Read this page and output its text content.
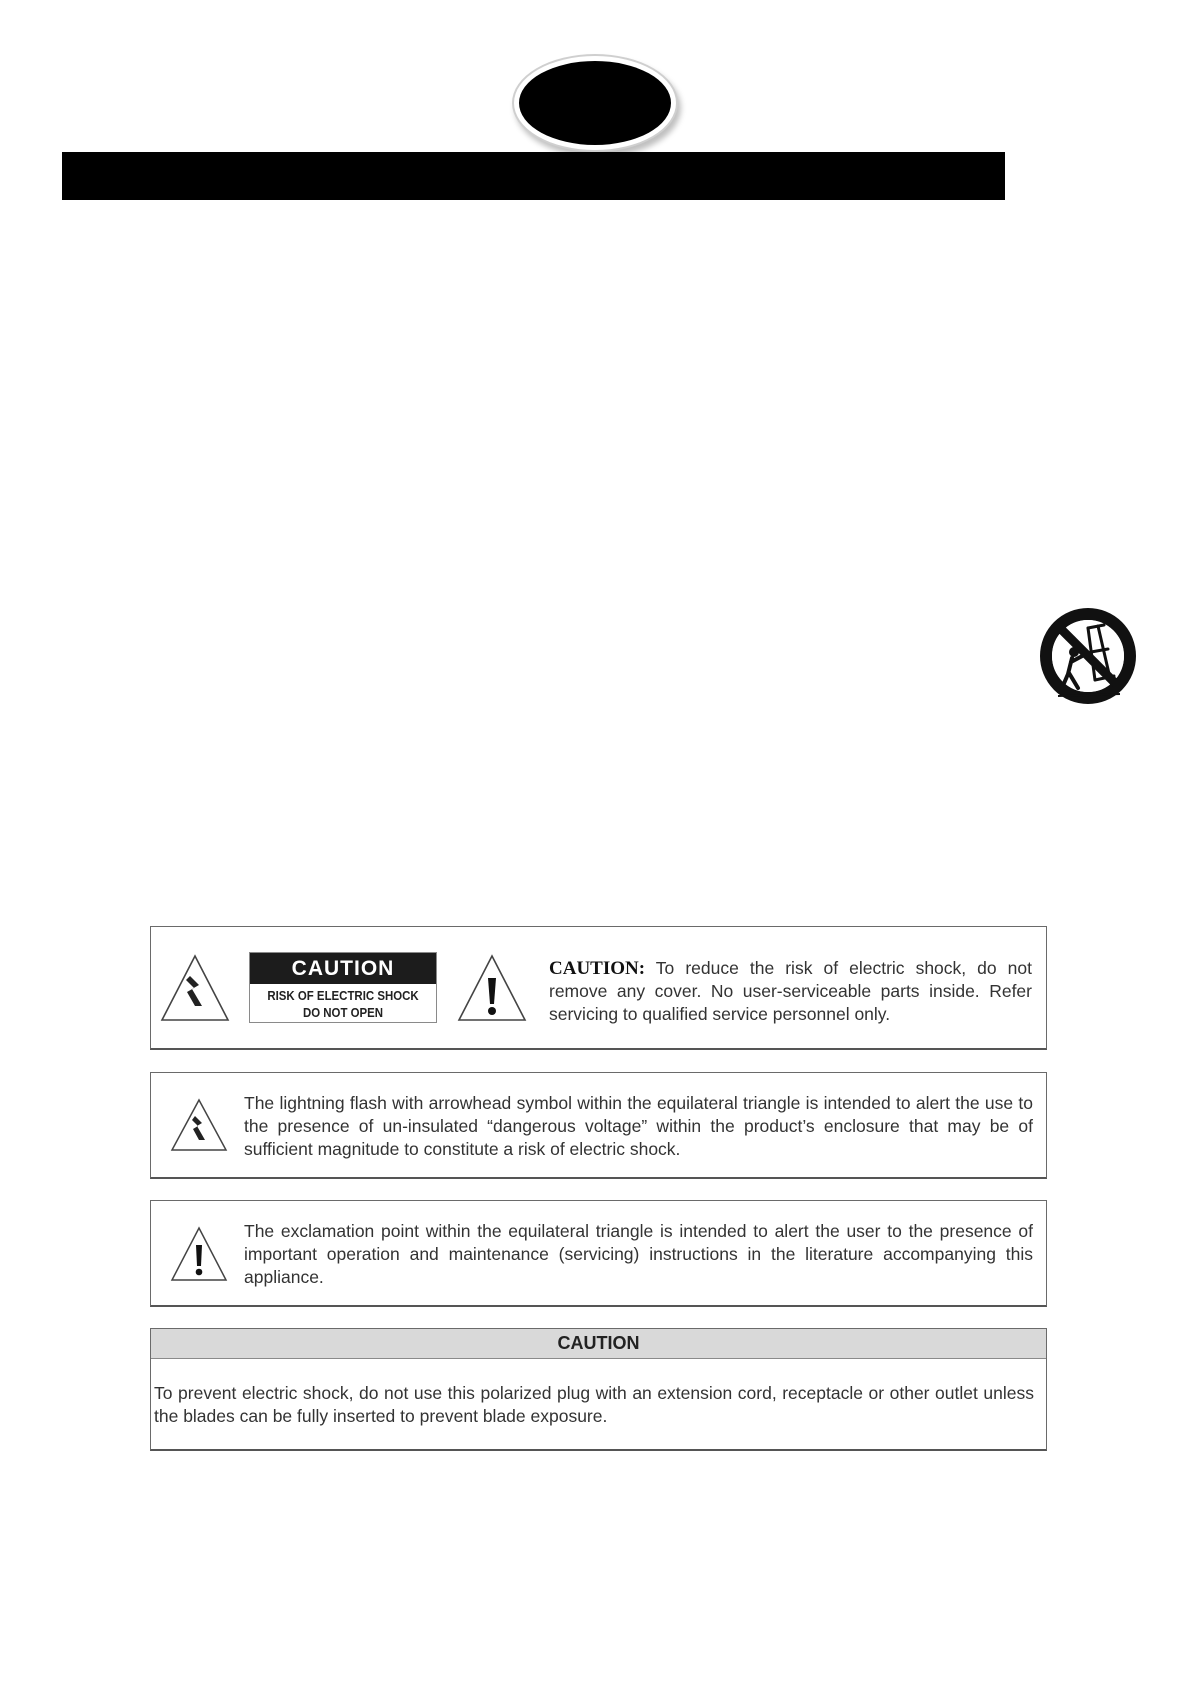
CAUTION
RISK OF ELECTRIC SHOCK
DO NOT OPEN
CAUTION: To reduce the risk of electric shock, do not remove any cover. No user-serviceable parts inside. Refer servicing to qualified service personnel only.
The lightning flash with arrowhead symbol within the equilateral triangle is intended to alert the use to the presence of un-insulated “dangerous voltage” within the product’s enclosure that may be of sufficient magnitude to constitute a risk of electric shock.
The exclamation point within the equilateral triangle is intended to alert the user to the presence of important operation and maintenance (servicing) instructions in the literature accompanying this appliance.
CAUTION
To prevent electric shock, do not use this polarized plug with an extension cord, receptacle or other outlet unless the blades can be fully inserted to prevent blade exposure.
